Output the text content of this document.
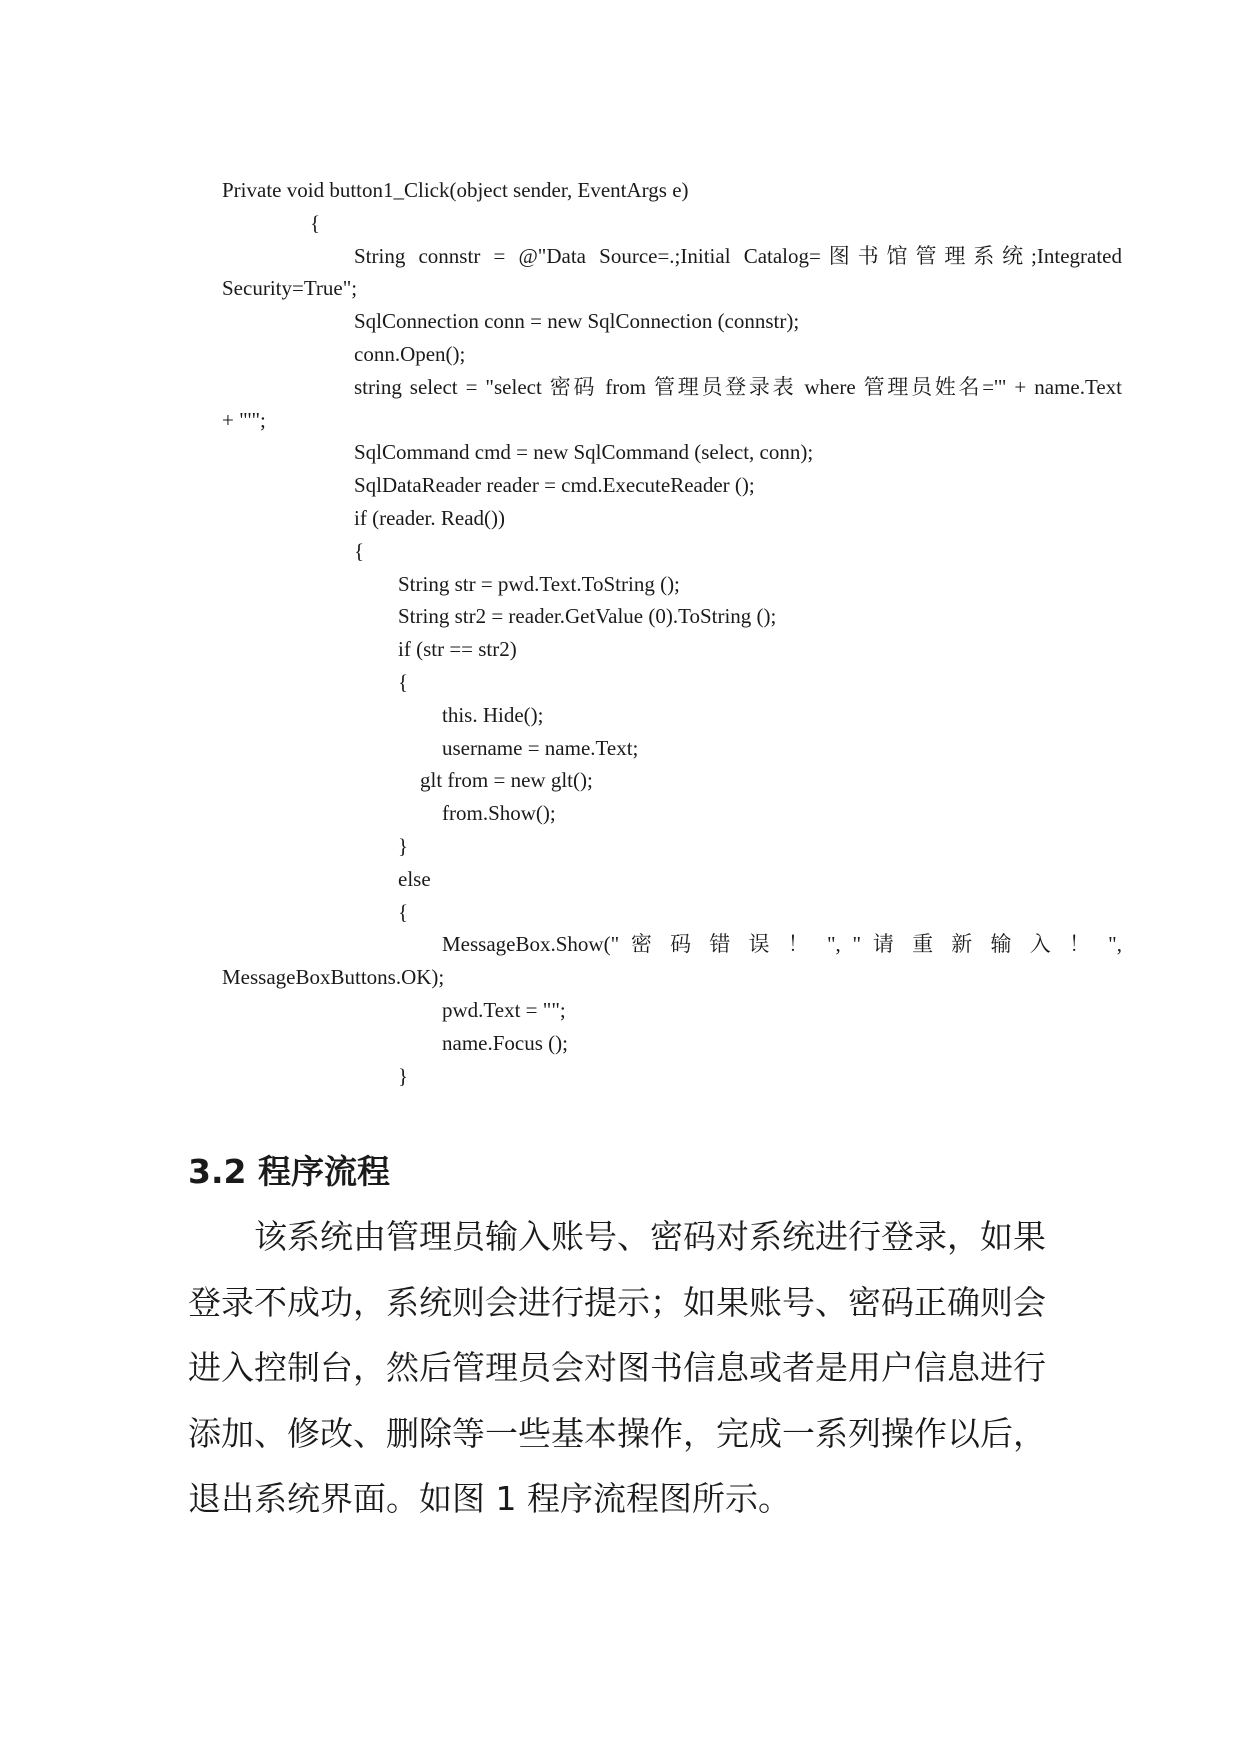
Private void button1_Click(object sender, EventArgs e)
{
String connstr = @"Data Source=.;Initial Catalog=图书馆管理系统;Integrated
Security=True";
SqlConnection conn = new SqlConnection (connstr);
conn.Open();
string select = "select 密码 from 管理员登录表 where 管理员姓名='" + name.Text
+ "'";
SqlCommand cmd = new SqlCommand (select, conn);
SqlDataReader reader = cmd.ExecuteReader ();
if (reader. Read())
{
String str = pwd.Text.ToString ();
String str2 = reader.GetValue (0).ToString ();
if (str == str2)
{
this. Hide();
username = name.Text;
glt from = new glt();
from.Show();
}
else
{
MessageBox.Show(" 密 码 错 误 ！ ", " 请 重 新 输 入 ！ ",
MessageBoxButtons.OK);
pwd.Text = "";
name.Focus ();
}
3.2 程序流程
该系统由管理员输入账号、密码对系统进行登录，如果
登录不成功，系统则会进行提示；如果账号、密码正确则会
进入控制台，然后管理员会对图书信息或者是用户信息进行
添加、修改、删除等一些基本操作，完成一系列操作以后，
退出系统界面。如图 1 程序流程图所示。
